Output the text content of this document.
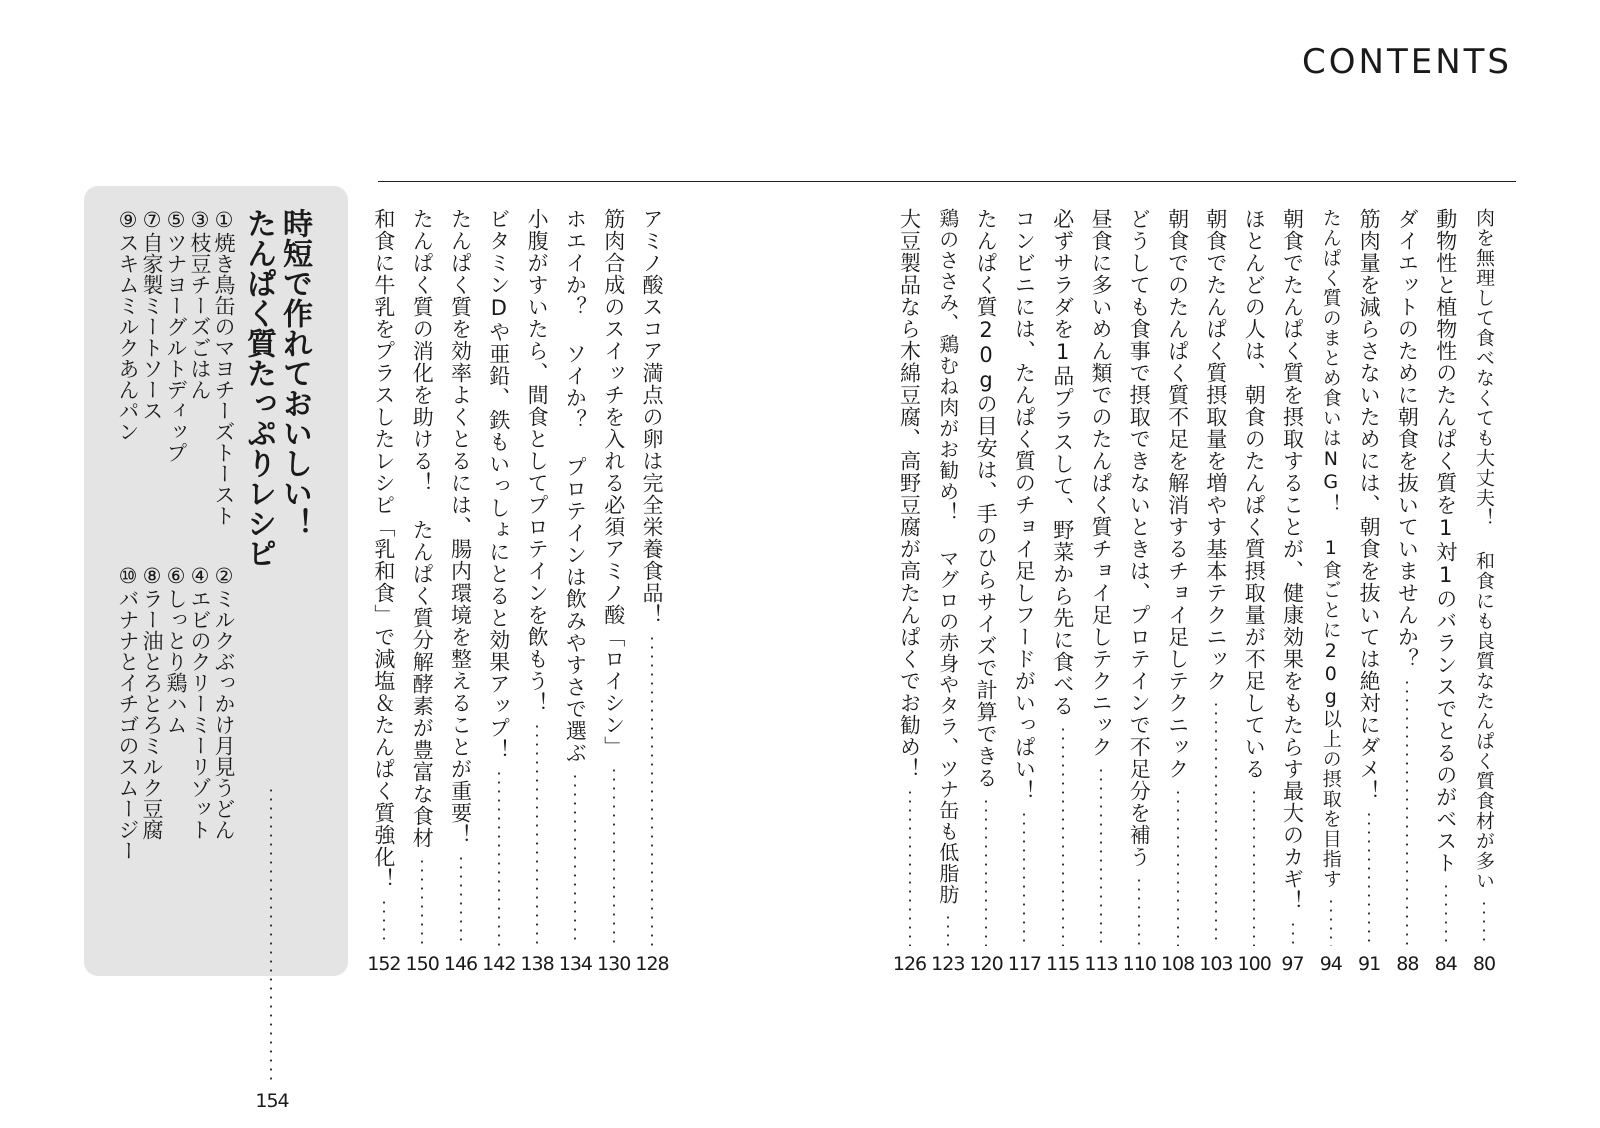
CONTENTS
肉を無理して食べなくても大丈夫！ 和食にも良質なたんぱく質食材が多い
80
動物性と植物性のたんぱく質を1対1のバランスでとるのがベスト
84
ダイエットのために朝食を抜いていませんか？
88
筋肉量を減らさないためには、朝食を抜いては絶対にダメ！
91
たんぱく質のまとめ食いはNG！ 1食ごとに20g以上の摂取を目指す
94
朝食でたんぱく質を摂取することが、健康効果をもたらす最大のカギ！
97
ほとんどの人は、朝食のたんぱく質摂取量が不足している
100
朝食でたんぱく質摂取量を増やす基本テクニック
103
朝食でのたんぱく質不足を解消するチョイ足しテクニック
108
どうしても食事で摂取できないときは、プロテインで不足分を補う
110
昼食に多いめん類でのたんぱく質チョイ足しテクニック
113
必ずサラダを1品プラスして、野菜から先に食べる
115
コンビニには、たんぱく質のチョイ足しフードがいっぱい！
117
たんぱく質20gの目安は、手のひらサイズで計算できる
120
鶏のささみ、鶏むね肉がお勧め！ マグロの赤身やタラ、ツナ缶も低脂肪
123
大豆製品なら木綿豆腐、高野豆腐が高たんぱくでお勧め！
126
アミノ酸スコア満点の卵は完全栄養食品！
128
筋肉合成のスイッチを入れる必須アミノ酸「ロイシン」
130
ホエイか？ ソイか？ プロテインは飲みやすさで選ぶ
134
小腹がすいたら、間食としてプロテインを飲もう！
138
ビタミンDや亜鉛、鉄もいっしょにとると効果アップ！
142
たんぱく質を効率よくとるには、腸内環境を整えることが重要！
146
たんぱく質の消化を助ける！ たんぱく質分解酵素が豊富な食材
150
和食に牛乳をプラスしたレシピ「乳和食」で減塩＆たんぱく質強化！
152
時短で作れておいしい！
たんぱく質たっぷりレシピ
154
①焼き鳥缶のマヨチーズトースト
③枝豆チーズごはん
⑤ツナヨーグルトディップ
⑦自家製ミートソース
⑨スキムミルクあんパン
②ミルクぶっかけ月見うどん
④エビのクリーミーリゾット
⑥しっとり鶏ハム
⑧ラー油とろとろミルク豆腐
⑩バナナとイチゴのスムージー
